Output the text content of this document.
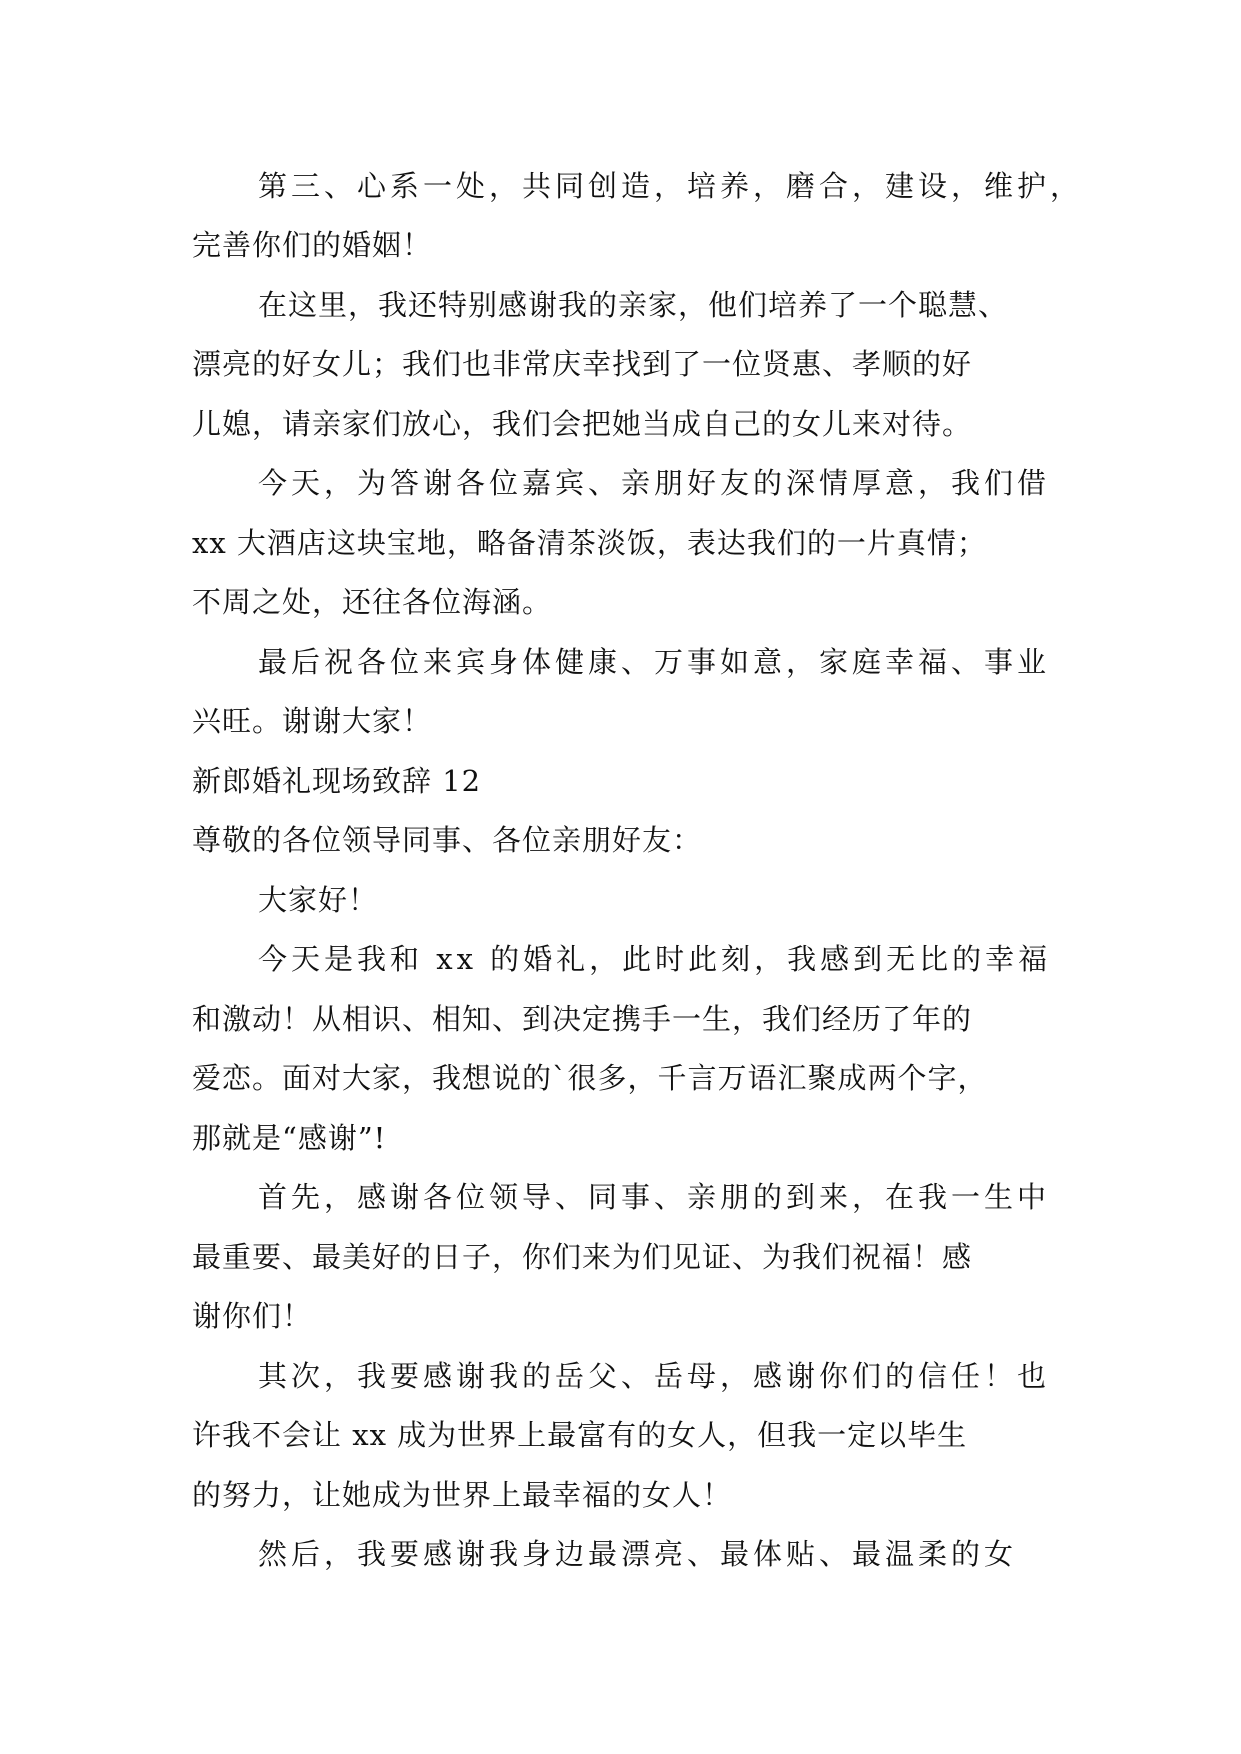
第三、心系一处，共同创造，培养，磨合，建设，维护，
完善你们的婚姻！
在这里，我还特别感谢我的亲家，他们培养了一个聪慧、
漂亮的好女儿；我们也非常庆幸找到了一位贤惠、孝顺的好
儿媳，请亲家们放心，我们会把她当成自己的女儿来对待。
今天，为答谢各位嘉宾、亲朋好友的深情厚意，我们借
xx 大酒店这块宝地，略备清茶淡饭，表达我们的一片真情；
不周之处，还往各位海涵。
最后祝各位来宾身体健康、万事如意，家庭幸福、事业
兴旺。谢谢大家！
新郎婚礼现场致辞 12
尊敬的各位领导同事、各位亲朋好友：
大家好！
今天是我和 xx 的婚礼，此时此刻，我感到无比的幸福
和激动！从相识、相知、到决定携手一生，我们经历了年的
爱恋。面对大家，我想说的`很多，千言万语汇聚成两个字，
那就是“感谢”!
首先，感谢各位领导、同事、亲朋的到来，在我一生中
最重要、最美好的日子，你们来为们见证、为我们祝福！感
谢你们！
其次，我要感谢我的岳父、岳母，感谢你们的信任！也
许我不会让 xx 成为世界上最富有的女人，但我一定以毕生
的努力，让她成为世界上最幸福的女人！
然后，我要感谢我身边最漂亮、最体贴、最温柔的女
